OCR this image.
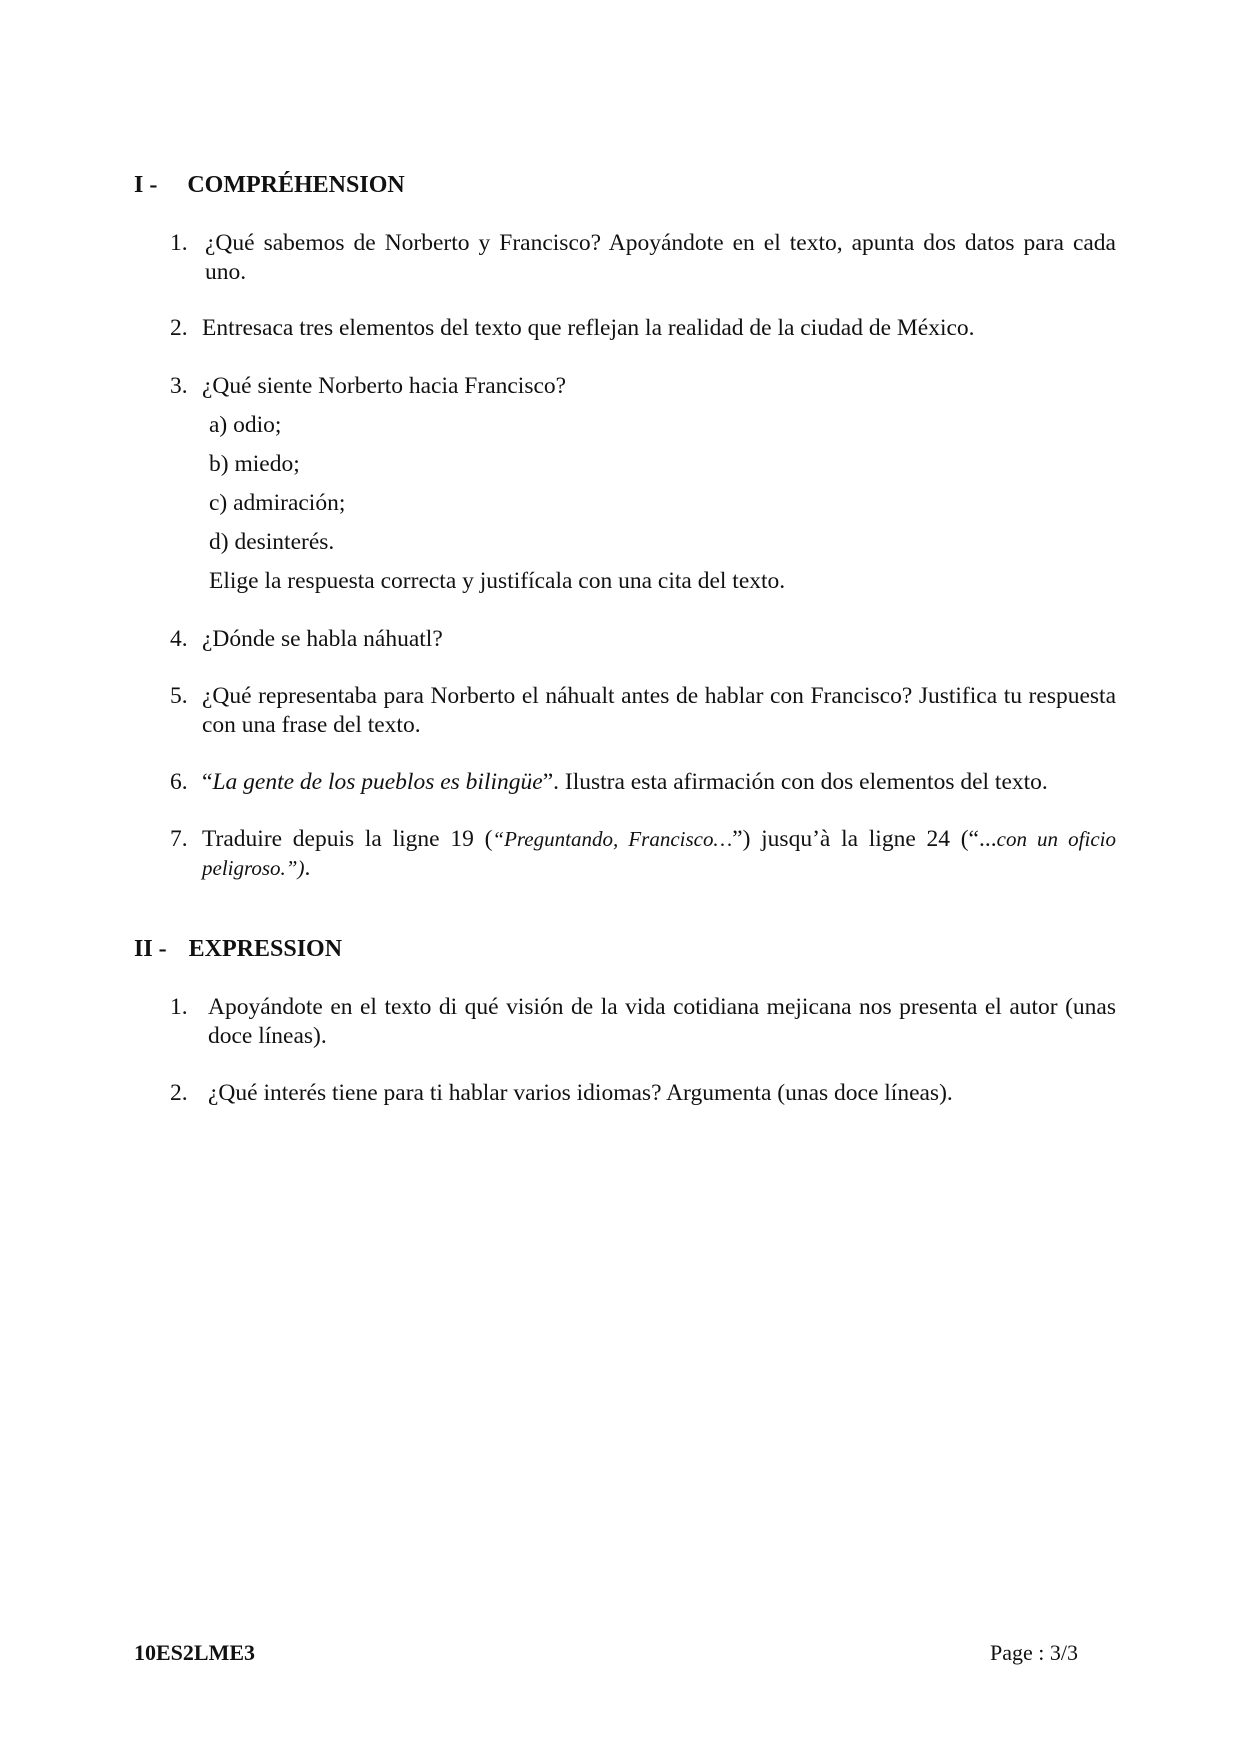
I - COMPRÉHENSION
1. ¿Qué sabemos de Norberto y Francisco? Apoyándote en el texto, apunta dos datos para cada uno.
2. Entresaca tres elementos del texto que reflejan la realidad de la ciudad de México.
3. ¿Qué siente Norberto hacia Francisco?
a) odio;
b) miedo;
c) admiración;
d) desinterés.
Elige la respuesta correcta y justifícala con una cita del texto.
4. ¿Dónde se habla náhuatl?
5. ¿Qué representaba para Norberto el náhualt antes de hablar con Francisco? Justifica tu respuesta con una frase del texto.
6. “La gente de los pueblos es bilingüe”. Ilustra esta afirmación con dos elementos del texto.
7. Traduire depuis la ligne 19 (“Preguntando, Francisco…”) jusqu’à la ligne 24 (“...con un oficio peligroso.”).
II - EXPRESSION
1. Apoyándote en el texto di qué visión de la vida cotidiana mejicana nos presenta el autor (unas doce líneas).
2. ¿Qué interés tiene para ti hablar varios idiomas? Argumenta (unas doce líneas).
10ES2LME3	Page : 3/3
